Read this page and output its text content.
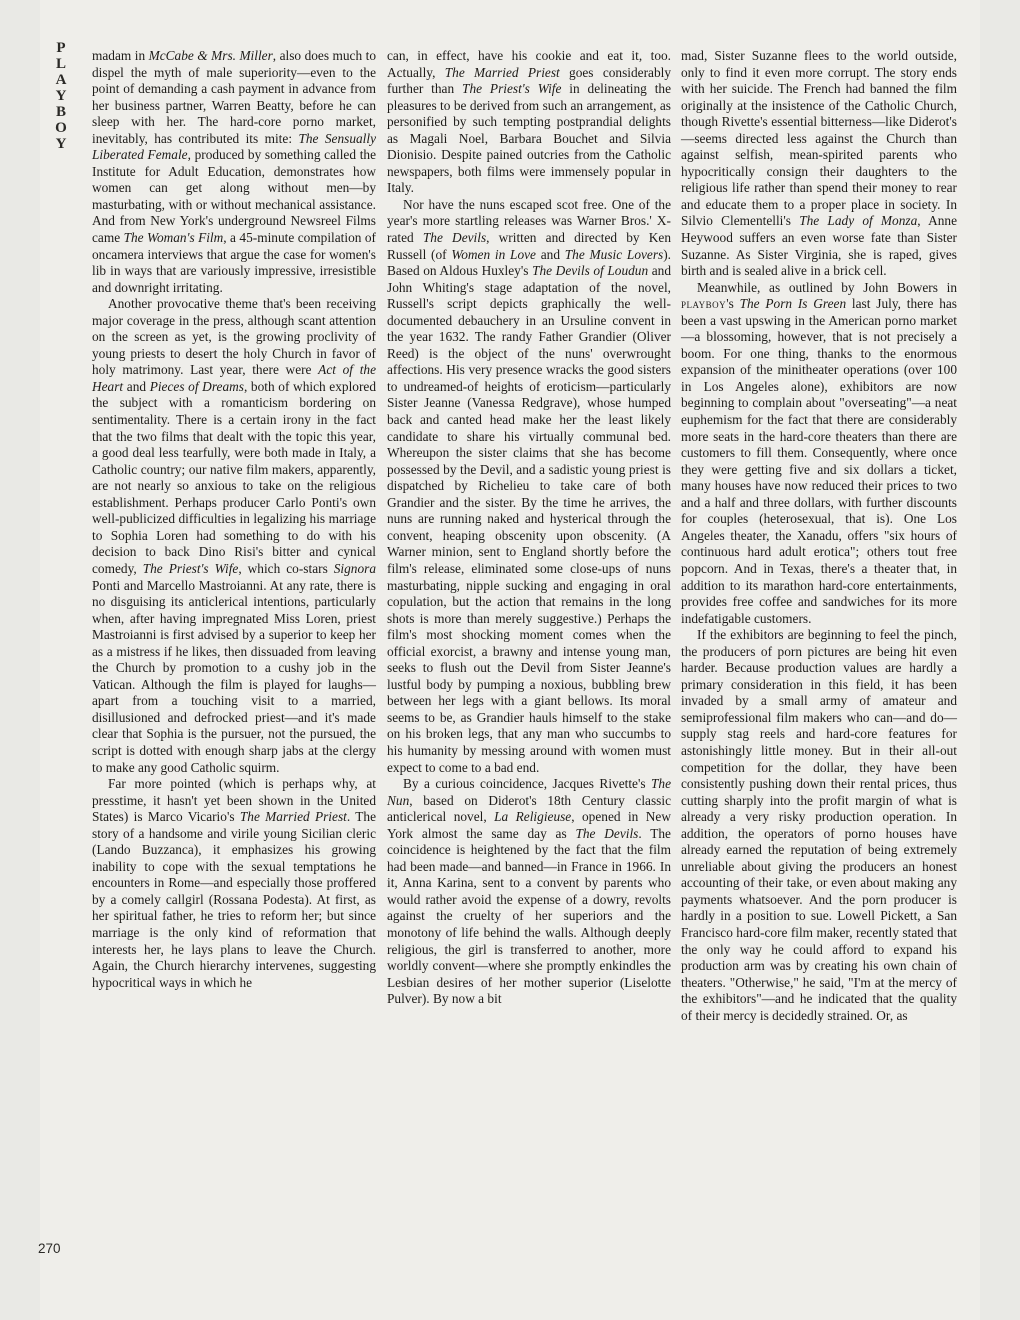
PLAYBOY
270

madam in McCabe & Mrs. Miller, also does much to dispel the myth of male superiority—even to the point of demanding a cash payment in advance from her business partner, Warren Beatty, before he can sleep with her. The hard-core porno market, inevitably, has contributed its mite: The Sensually Liberated Female, produced by something called the Institute for Adult Education, demonstrates how women can get along without men—by masturbating, with or without mechanical assistance. And from New York's underground Newsreel Films came The Woman's Film, a 45-minute compilation of oncamera interviews that argue the case for women's lib in ways that are variously impressive, irresistible and downright irritating.

Another provocative theme that's been receiving major coverage in the press, although scant attention on the screen as yet, is the growing proclivity of young priests to desert the holy Church in favor of holy matrimony. Last year, there were Act of the Heart and Pieces of Dreams, both of which explored the subject with a romanticism bordering on sentimentality. There is a certain irony in the fact that the two films that dealt with the topic this year, a good deal less tearfully, were both made in Italy, a Catholic country; our native film makers, apparently, are not nearly so anxious to take on the religious establishment. Perhaps producer Carlo Ponti's own well-publicized difficulties in legalizing his marriage to Sophia Loren had something to do with his decision to back Dino Risi's bitter and cynical comedy, The Priest's Wife, which co-stars Signora Ponti and Marcello Mastroianni. At any rate, there is no disguising its anticlerical intentions, particularly when, after having impregnated Miss Loren, priest Mastroianni is first advised by a superior to keep her as a mistress if he likes, then dissuaded from leaving the Church by promotion to a cushy job in the Vatican. Although the film is played for laughs—apart from a touching visit to a married, disillusioned and defrocked priest—and it's made clear that Sophia is the pursuer, not the pursued, the script is dotted with enough sharp jabs at the clergy to make any good Catholic squirm.

Far more pointed (which is perhaps why, at presstime, it hasn't yet been shown in the United States) is Marco Vicario's The Married Priest. The story of a handsome and virile young Sicilian cleric (Lando Buzzanca), it emphasizes his growing inability to cope with the sexual temptations he encounters in Rome—and especially those proffered by a comely callgirl (Rossana Podesta). At first, as her spiritual father, he tries to reform her; but since marriage is the only kind of reformation that interests her, he lays plans to leave the Church. Again, the Church hierarchy intervenes, suggesting hypocritical ways in which he

can, in effect, have his cookie and eat it, too. Actually, The Married Priest goes considerably further than The Priest's Wife in delineating the pleasures to be derived from such an arrangement, as personified by such tempting postprandial delights as Magali Noel, Barbara Bouchet and Silvia Dionisio. Despite pained outcries from the Catholic newspapers, both films were immensely popular in Italy.

Nor have the nuns escaped scot free. One of the year's more startling releases was Warner Bros.' X-rated The Devils, written and directed by Ken Russell (of Women in Love and The Music Lovers). Based on Aldous Huxley's The Devils of Loudun and John Whiting's stage adaptation of the novel, Russell's script depicts graphically the well-documented debauchery in an Ursuline convent in the year 1632. The randy Father Grandier (Oliver Reed) is the object of the nuns' overwrought affections. His very presence wracks the good sisters to undreamed-of heights of eroticism—particularly Sister Jeanne (Vanessa Redgrave), whose humped back and canted head make her the least likely candidate to share his virtually communal bed. Whereupon the sister claims that she has become possessed by the Devil, and a sadistic young priest is dispatched by Richelieu to take care of both Grandier and the sister. By the time he arrives, the nuns are running naked and hysterical through the convent, heaping obscenity upon obscenity. (A Warner minion, sent to England shortly before the film's release, eliminated some close-ups of nuns masturbating, nipple sucking and engaging in oral copulation, but the action that remains in the long shots is more than merely suggestive.) Perhaps the film's most shocking moment comes when the official exorcist, a brawny and intense young man, seeks to flush out the Devil from Sister Jeanne's lustful body by pumping a noxious, bubbling brew between her legs with a giant bellows. Its moral seems to be, as Grandier hauls himself to the stake on his broken legs, that any man who succumbs to his humanity by messing around with women must expect to come to a bad end.

By a curious coincidence, Jacques Rivette's The Nun, based on Diderot's 18th Century classic anticlerical novel, La Religieuse, opened in New York almost the same day as The Devils. The coincidence is heightened by the fact that the film had been made—and banned—in France in 1966. In it, Anna Karina, sent to a convent by parents who would rather avoid the expense of a dowry, revolts against the cruelty of her superiors and the monotony of life behind the walls. Although deeply religious, the girl is transferred to another, more worldly convent—where she promptly enkindles the Lesbian desires of her mother superior (Liselotte Pulver). By now a bit

mad, Sister Suzanne flees to the world outside, only to find it even more corrupt. The story ends with her suicide. The French had banned the film originally at the insistence of the Catholic Church, though Rivette's essential bitterness—like Diderot's—seems directed less against the Church than against selfish, mean-spirited parents who hypocritically consign their daughters to the religious life rather than spend their money to rear and educate them to a proper place in society. In Silvio Clementelli's The Lady of Monza, Anne Heywood suffers an even worse fate than Sister Suzanne. As Sister Virginia, she is raped, gives birth and is sealed alive in a brick cell.

Meanwhile, as outlined by John Bowers in playboy's The Porn Is Green last July, there has been a vast upswing in the American porno market—a blossoming, however, that is not precisely a boom. For one thing, thanks to the enormous expansion of the minitheater operations (over 100 in Los Angeles alone), exhibitors are now beginning to complain about "overseating"—a neat euphemism for the fact that there are considerably more seats in the hard-core theaters than there are customers to fill them. Consequently, where once they were getting five and six dollars a ticket, many houses have now reduced their prices to two and a half and three dollars, with further discounts for couples (heterosexual, that is). One Los Angeles theater, the Xanadu, offers "six hours of continuous hard adult erotica"; others tout free popcorn. And in Texas, there's a theater that, in addition to its marathon hard-core entertainments, provides free coffee and sandwiches for its more indefatigable customers.

If the exhibitors are beginning to feel the pinch, the producers of porn pictures are being hit even harder. Because production values are hardly a primary consideration in this field, it has been invaded by a small army of amateur and semiprofessional film makers who can—and do—supply stag reels and hard-core features for astonishingly little money. But in their all-out competition for the dollar, they have been consistently pushing down their rental prices, thus cutting sharply into the profit margin of what is already a very risky production operation. In addition, the operators of porno houses have already earned the reputation of being extremely unreliable about giving the producers an honest accounting of their take, or even about making any payments whatsoever. And the porn producer is hardly in a position to sue. Lowell Pickett, a San Francisco hard-core film maker, recently stated that the only way he could afford to expand his production arm was by creating his own chain of theaters. "Otherwise," he said, "I'm at the mercy of the exhibitors"—and he indicated that the quality of their mercy is decidedly strained. Or, as
